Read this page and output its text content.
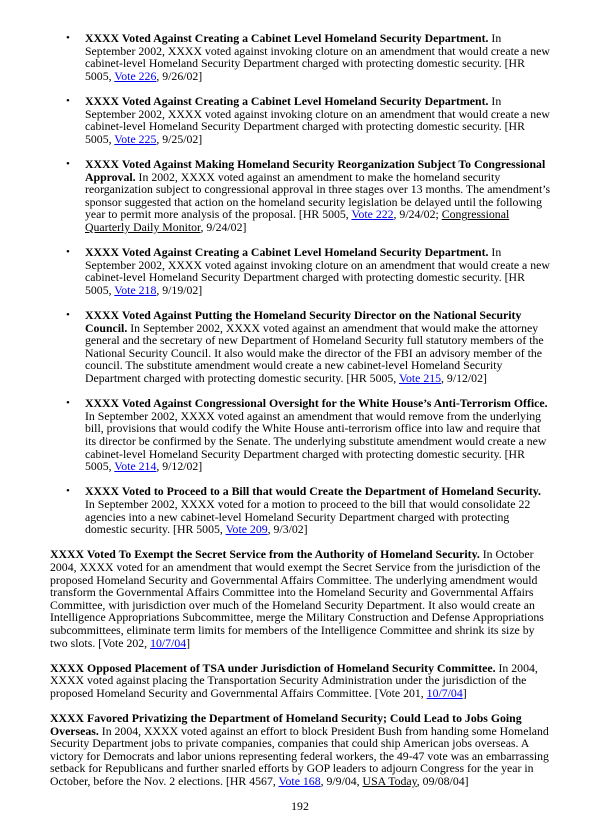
• XXXX Voted Against Creating a Cabinet Level Homeland Security Department. In September 2002, XXXX voted against invoking cloture on an amendment that would create a new cabinet-level Homeland Security Department charged with protecting domestic security. [HR 5005, Vote 226, 9/26/02]
• XXXX Voted Against Creating a Cabinet Level Homeland Security Department. In September 2002, XXXX voted against invoking cloture on an amendment that would create a new cabinet-level Homeland Security Department charged with protecting domestic security. [HR 5005, Vote 225, 9/25/02]
• XXXX Voted Against Making Homeland Security Reorganization Subject To Congressional Approval. In 2002, XXXX voted against an amendment to make the homeland security reorganization subject to congressional approval in three stages over 13 months. The amendment’s sponsor suggested that action on the homeland security legislation be delayed until the following year to permit more analysis of the proposal. [HR 5005, Vote 222, 9/24/02; Congressional Quarterly Daily Monitor, 9/24/02]
• XXXX Voted Against Creating a Cabinet Level Homeland Security Department. In September 2002, XXXX voted against invoking cloture on an amendment that would create a new cabinet-level Homeland Security Department charged with protecting domestic security. [HR 5005, Vote 218, 9/19/02]
• XXXX Voted Against Putting the Homeland Security Director on the National Security Council. In September 2002, XXXX voted against an amendment that would make the attorney general and the secretary of new Department of Homeland Security full statutory members of the National Security Council. It also would make the director of the FBI an advisory member of the council. The substitute amendment would create a new cabinet-level Homeland Security Department charged with protecting domestic security. [HR 5005, Vote 215, 9/12/02]
• XXXX Voted Against Congressional Oversight for the White House’s Anti-Terrorism Office. In September 2002, XXXX voted against an amendment that would remove from the underlying bill, provisions that would codify the White House anti-terrorism office into law and require that its director be confirmed by the Senate. The underlying substitute amendment would create a new cabinet-level Homeland Security Department charged with protecting domestic security. [HR 5005, Vote 214, 9/12/02]
• XXXX Voted to Proceed to a Bill that would Create the Department of Homeland Security. In September 2002, XXXX voted for a motion to proceed to the bill that would consolidate 22 agencies into a new cabinet-level Homeland Security Department charged with protecting domestic security. [HR 5005, Vote 209, 9/3/02]
XXXX Voted To Exempt the Secret Service from the Authority of Homeland Security. In October 2004, XXXX voted for an amendment that would exempt the Secret Service from the jurisdiction of the proposed Homeland Security and Governmental Affairs Committee. The underlying amendment would transform the Governmental Affairs Committee into the Homeland Security and Governmental Affairs Committee, with jurisdiction over much of the Homeland Security Department. It also would create an Intelligence Appropriations Subcommittee, merge the Military Construction and Defense Appropriations subcommittees, eliminate term limits for members of the Intelligence Committee and shrink its size by two slots. [Vote 202, 10/7/04]
XXXX Opposed Placement of TSA under Jurisdiction of Homeland Security Committee. In 2004, XXXX voted against placing the Transportation Security Administration under the jurisdiction of the proposed Homeland Security and Governmental Affairs Committee. [Vote 201, 10/7/04]
XXXX Favored Privatizing the Department of Homeland Security; Could Lead to Jobs Going Overseas. In 2004, XXXX voted against an effort to block President Bush from handing some Homeland Security Department jobs to private companies, companies that could ship American jobs overseas. A victory for Democrats and labor unions representing federal workers, the 49-47 vote was an embarrassing setback for Republicans and further snarled efforts by GOP leaders to adjourn Congress for the year in October, before the Nov. 2 elections. [HR 4567, Vote 168, 9/9/04, USA Today, 09/08/04]
192
